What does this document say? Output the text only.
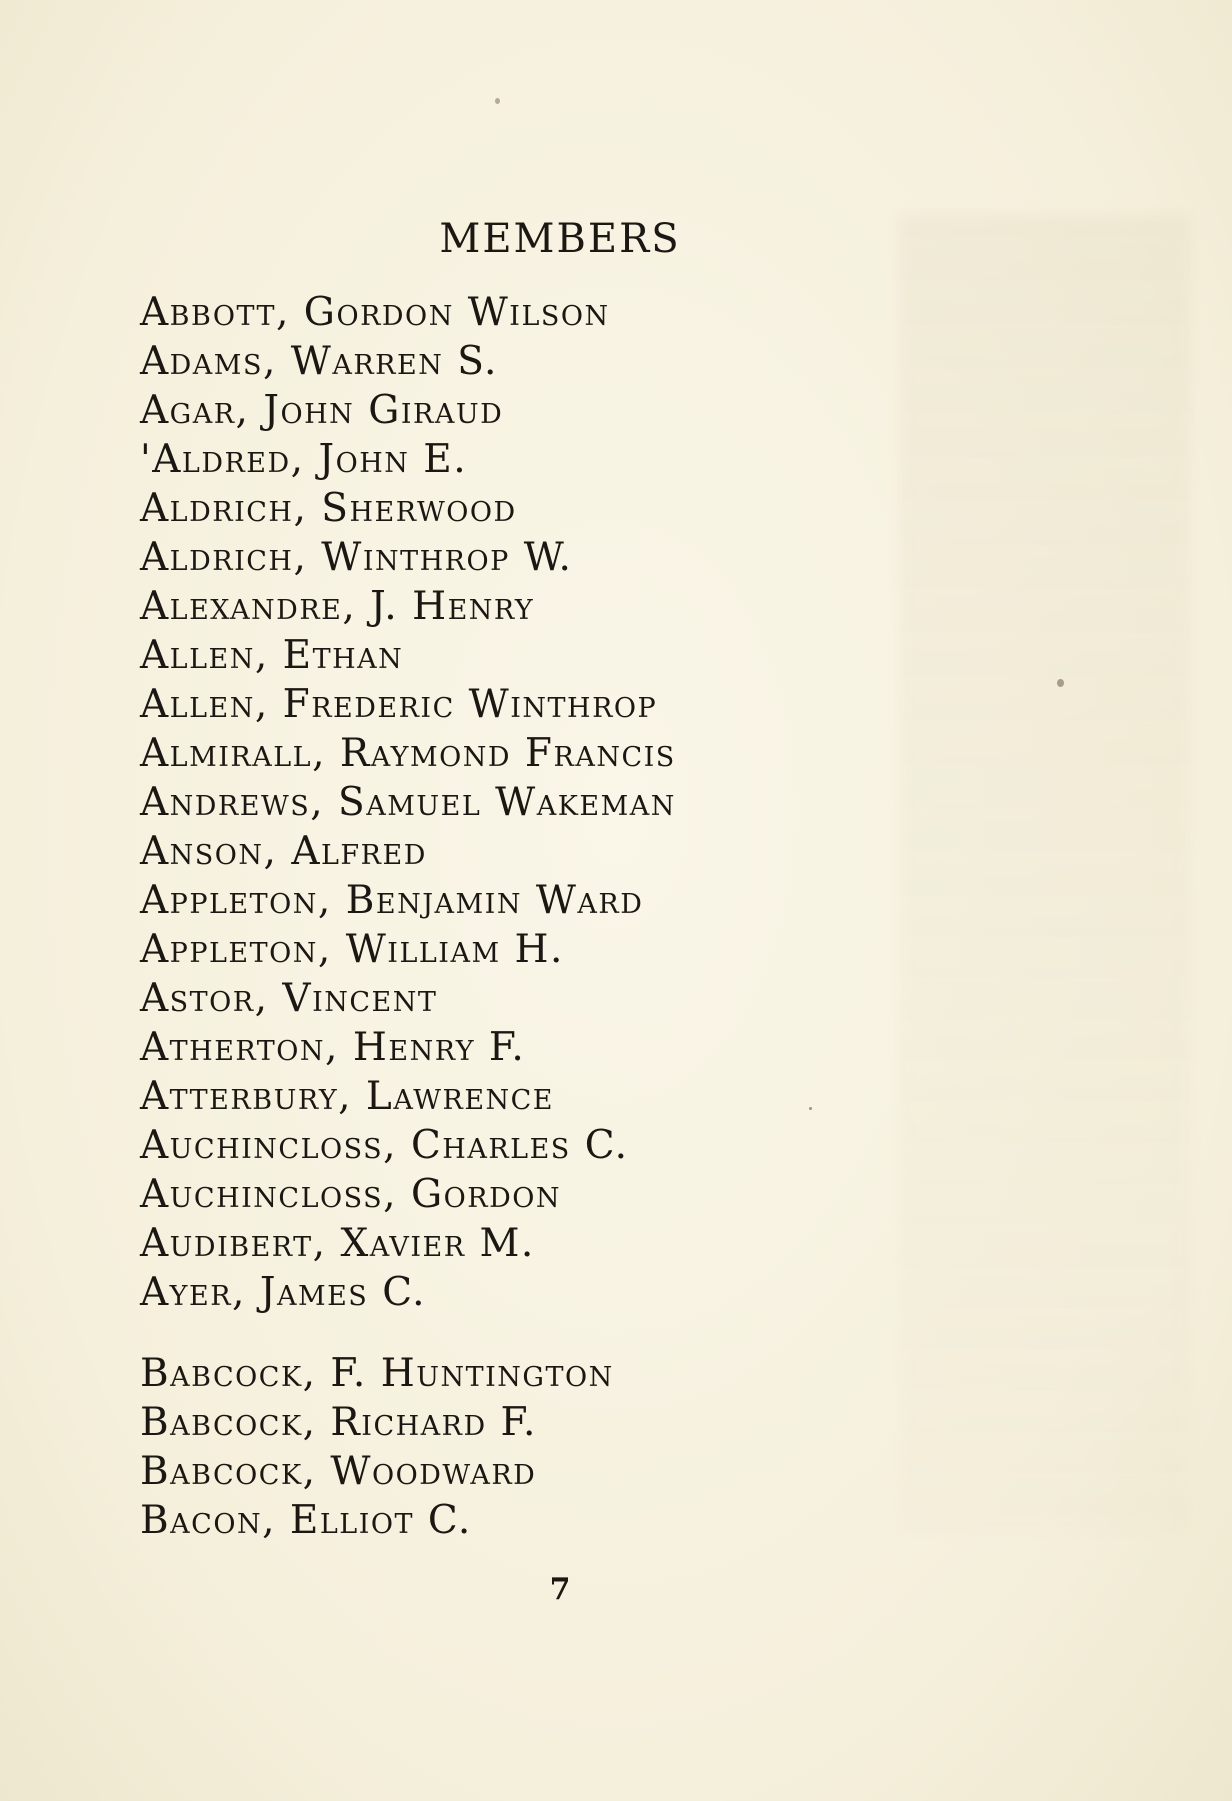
MEMBERS
Abbott, Gordon Wilson
Adams, Warren S.
Agar, John Giraud
'Aldred, John E.
Aldrich, Sherwood
Aldrich, Winthrop W.
Alexandre, J. Henry
Allen, Ethan
Allen, Frederic Winthrop
Almirall, Raymond Francis
Andrews, Samuel Wakeman
Anson, Alfred
Appleton, Benjamin Ward
Appleton, William H.
Astor, Vincent
Atherton, Henry F.
Atterbury, Lawrence
Auchincloss, Charles C.
Auchincloss, Gordon
Audibert, Xavier M.
Ayer, James C.
Babcock, F. Huntington
Babcock, Richard F.
Babcock, Woodward
Bacon, Elliot C.
7
